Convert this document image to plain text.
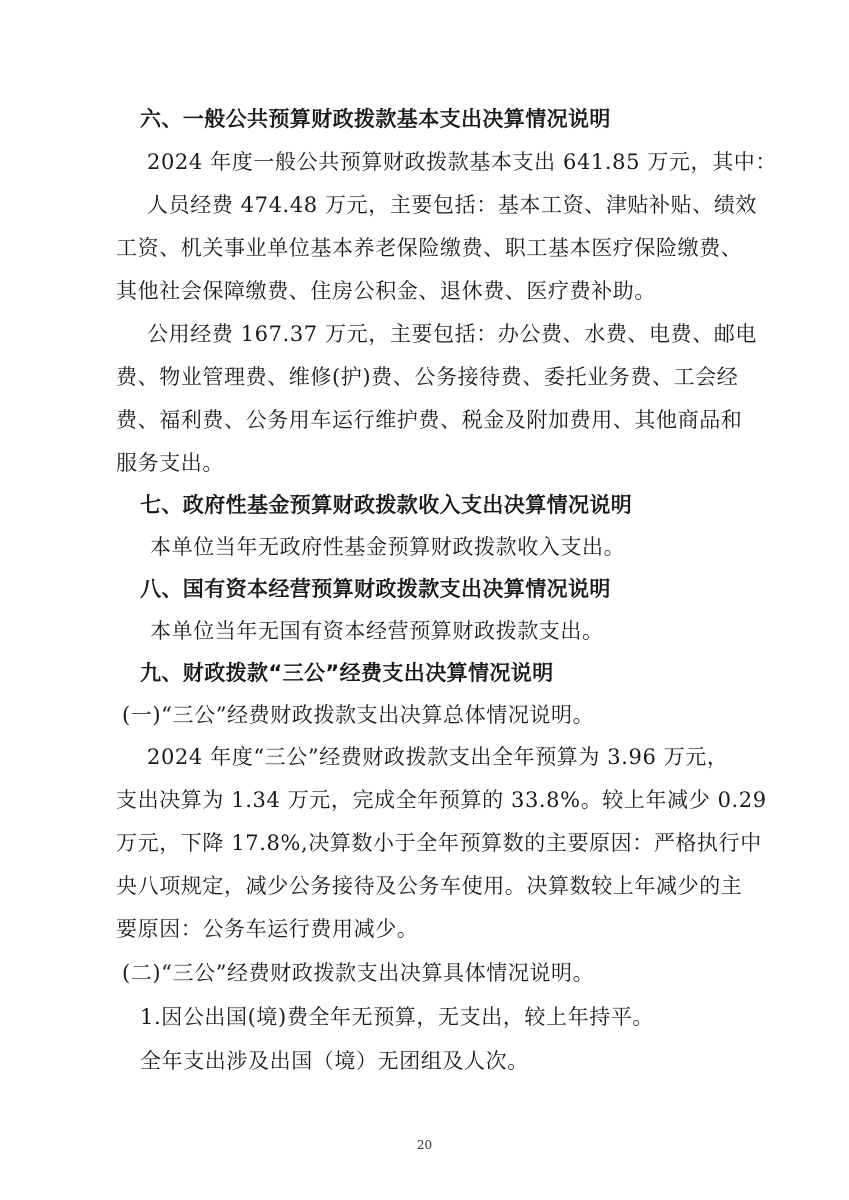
六、一般公共预算财政拨款基本支出决算情况说明
2024 年度一般公共预算财政拨款基本支出 641.85 万元，其中：
人员经费 474.48 万元，主要包括：基本工资、津贴补贴、绩效
工资、机关事业单位基本养老保险缴费、职工基本医疗保险缴费、
其他社会保障缴费、住房公积金、退休费、医疗费补助。
公用经费 167.37 万元，主要包括：办公费、水费、电费、邮电
费、物业管理费、维修(护)费、公务接待费、委托业务费、工会经
费、福利费、公务用车运行维护费、税金及附加费用、其他商品和
服务支出。
七、政府性基金预算财政拨款收入支出决算情况说明
本单位当年无政府性基金预算财政拨款收入支出。
八、国有资本经营预算财政拨款支出决算情况说明
本单位当年无国有资本经营预算财政拨款支出。
九、财政拨款“三公”经费支出决算情况说明
(一)“三公”经费财政拨款支出决算总体情况说明。
2024 年度“三公”经费财政拨款支出全年预算为 3.96 万元，
支出决算为 1.34 万元，完成全年预算的 33.8%。较上年减少 0.29
万元，下降 17.8%,决算数小于全年预算数的主要原因：严格执行中
央八项规定，减少公务接待及公务车使用。决算数较上年减少的主
要原因：公务车运行费用减少。
(二)“三公”经费财政拨款支出决算具体情况说明。
1.因公出国(境)费全年无预算，无支出，较上年持平。
全年支出涉及出国（境）无团组及人次。
20
